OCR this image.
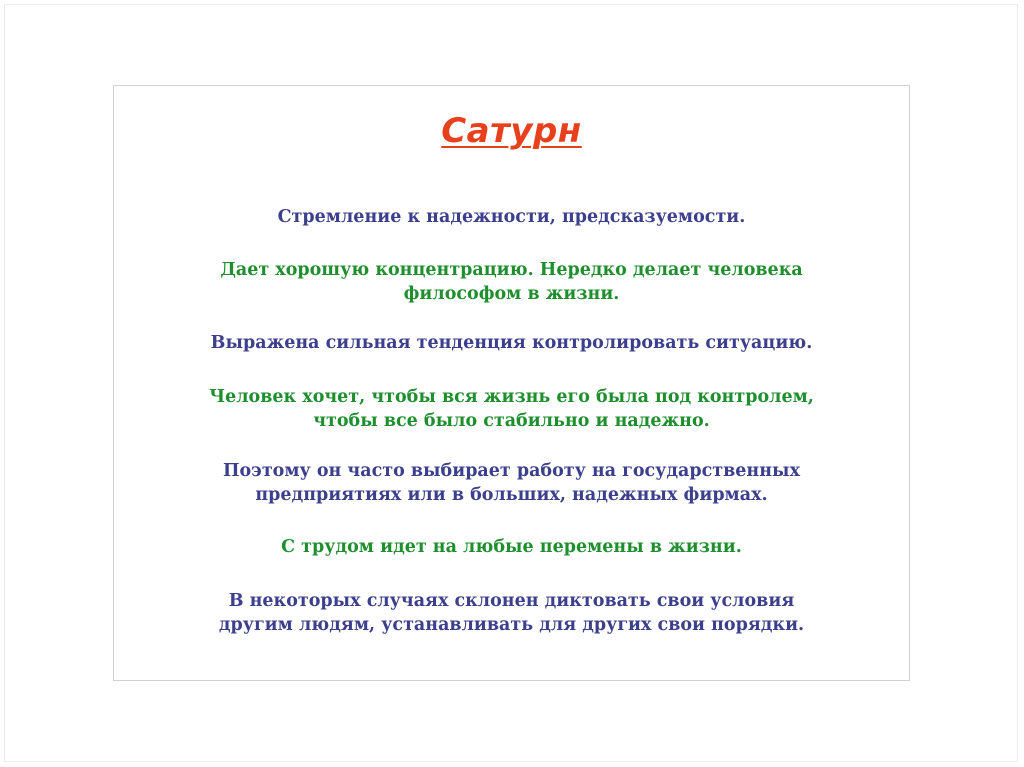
Сатурн
Стремление к надежности, предсказуемости.
Дает хорошую концентрацию. Нередко делает человека
философом в жизни.
Выражена сильная тенденция контролировать ситуацию.
Человек хочет, чтобы вся жизнь его была под контролем,
чтобы все было стабильно и надежно.
Поэтому он часто выбирает работу на государственных
предприятиях или в больших, надежных фирмах.
С трудом идет на любые перемены в жизни.
В некоторых случаях склонен диктовать свои условия
другим людям, устанавливать для других свои порядки.
